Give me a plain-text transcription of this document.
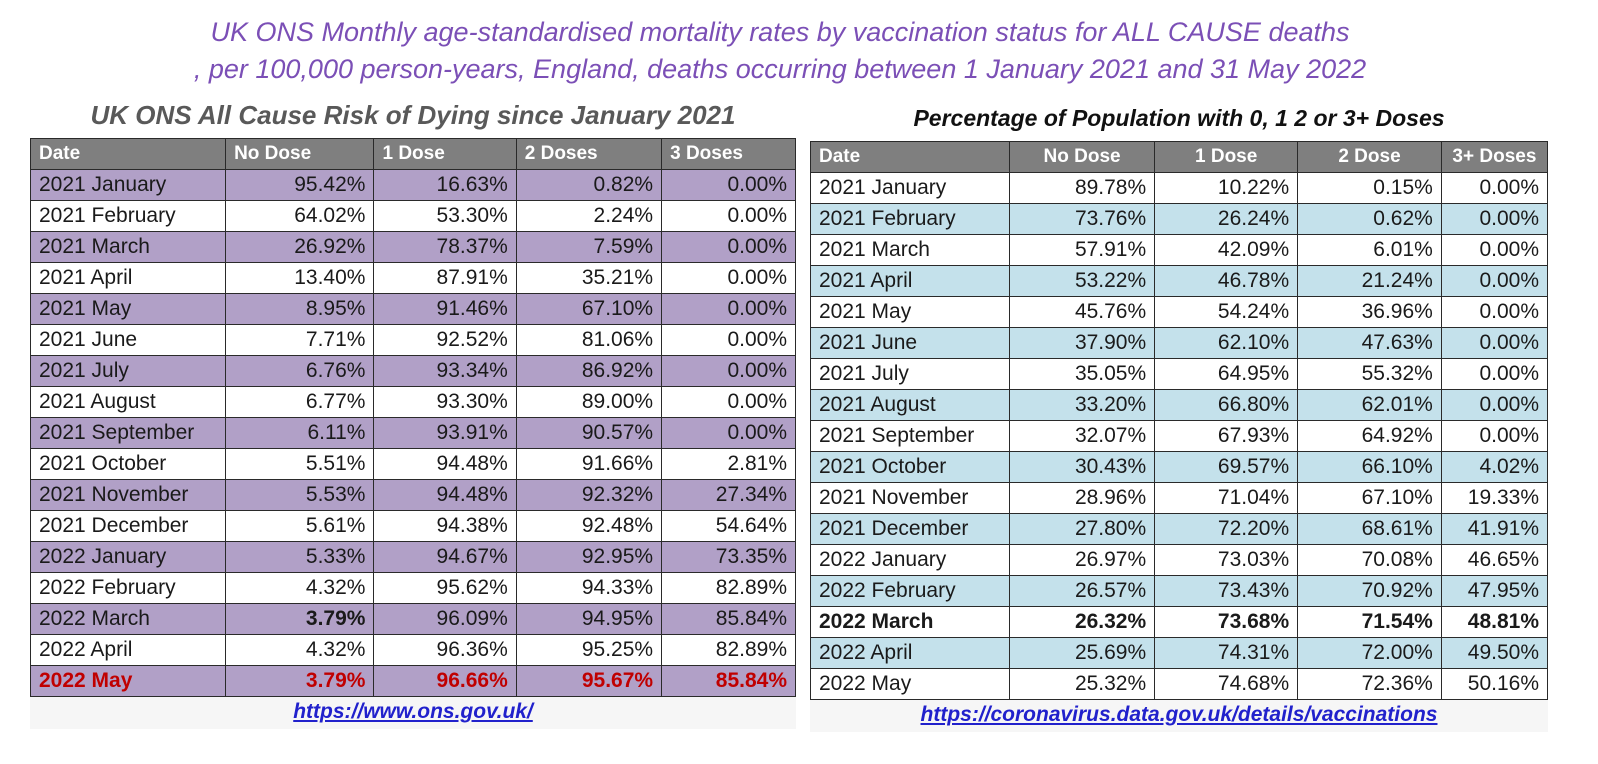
UK ONS Monthly age-standardised mortality rates by vaccination status for ALL CAUSE deaths
, per 100,000 person-years, England, deaths occurring between 1 January 2021 and 31 May 2022
UK ONS All Cause Risk of Dying since January 2021
Date	No Dose	1 Dose	2 Doses	3 Doses
2021 January	95.42%	16.63%	0.82%	0.00%
2021 February	64.02%	53.30%	2.24%	0.00%
2021 March	26.92%	78.37%	7.59%	0.00%
2021 April	13.40%	87.91%	35.21%	0.00%
2021 May	8.95%	91.46%	67.10%	0.00%
2021 June	7.71%	92.52%	81.06%	0.00%
2021 July	6.76%	93.34%	86.92%	0.00%
2021 August	6.77%	93.30%	89.00%	0.00%
2021 September	6.11%	93.91%	90.57%	0.00%
2021 October	5.51%	94.48%	91.66%	2.81%
2021 November	5.53%	94.48%	92.32%	27.34%
2021 December	5.61%	94.38%	92.48%	54.64%
2022 January	5.33%	94.67%	92.95%	73.35%
2022 February	4.32%	95.62%	94.33%	82.89%
2022 March	3.79%	96.09%	94.95%	85.84%
2022 April	4.32%	96.36%	95.25%	82.89%
2022 May	3.79%	96.66%	95.67%	85.84%
https://www.ons.gov.uk/
Percentage of Population with 0, 1 2 or 3+ Doses
Date	No Dose	1 Dose	2 Dose	3+ Doses
2021 January	89.78%	10.22%	0.15%	0.00%
2021 February	73.76%	26.24%	0.62%	0.00%
2021 March	57.91%	42.09%	6.01%	0.00%
2021 April	53.22%	46.78%	21.24%	0.00%
2021 May	45.76%	54.24%	36.96%	0.00%
2021 June	37.90%	62.10%	47.63%	0.00%
2021 July	35.05%	64.95%	55.32%	0.00%
2021 August	33.20%	66.80%	62.01%	0.00%
2021 September	32.07%	67.93%	64.92%	0.00%
2021 October	30.43%	69.57%	66.10%	4.02%
2021 November	28.96%	71.04%	67.10%	19.33%
2021 December	27.80%	72.20%	68.61%	41.91%
2022 January	26.97%	73.03%	70.08%	46.65%
2022 February	26.57%	73.43%	70.92%	47.95%
2022 March	26.32%	73.68%	71.54%	48.81%
2022 April	25.69%	74.31%	72.00%	49.50%
2022 May	25.32%	74.68%	72.36%	50.16%
https://coronavirus.data.gov.uk/details/vaccinations
